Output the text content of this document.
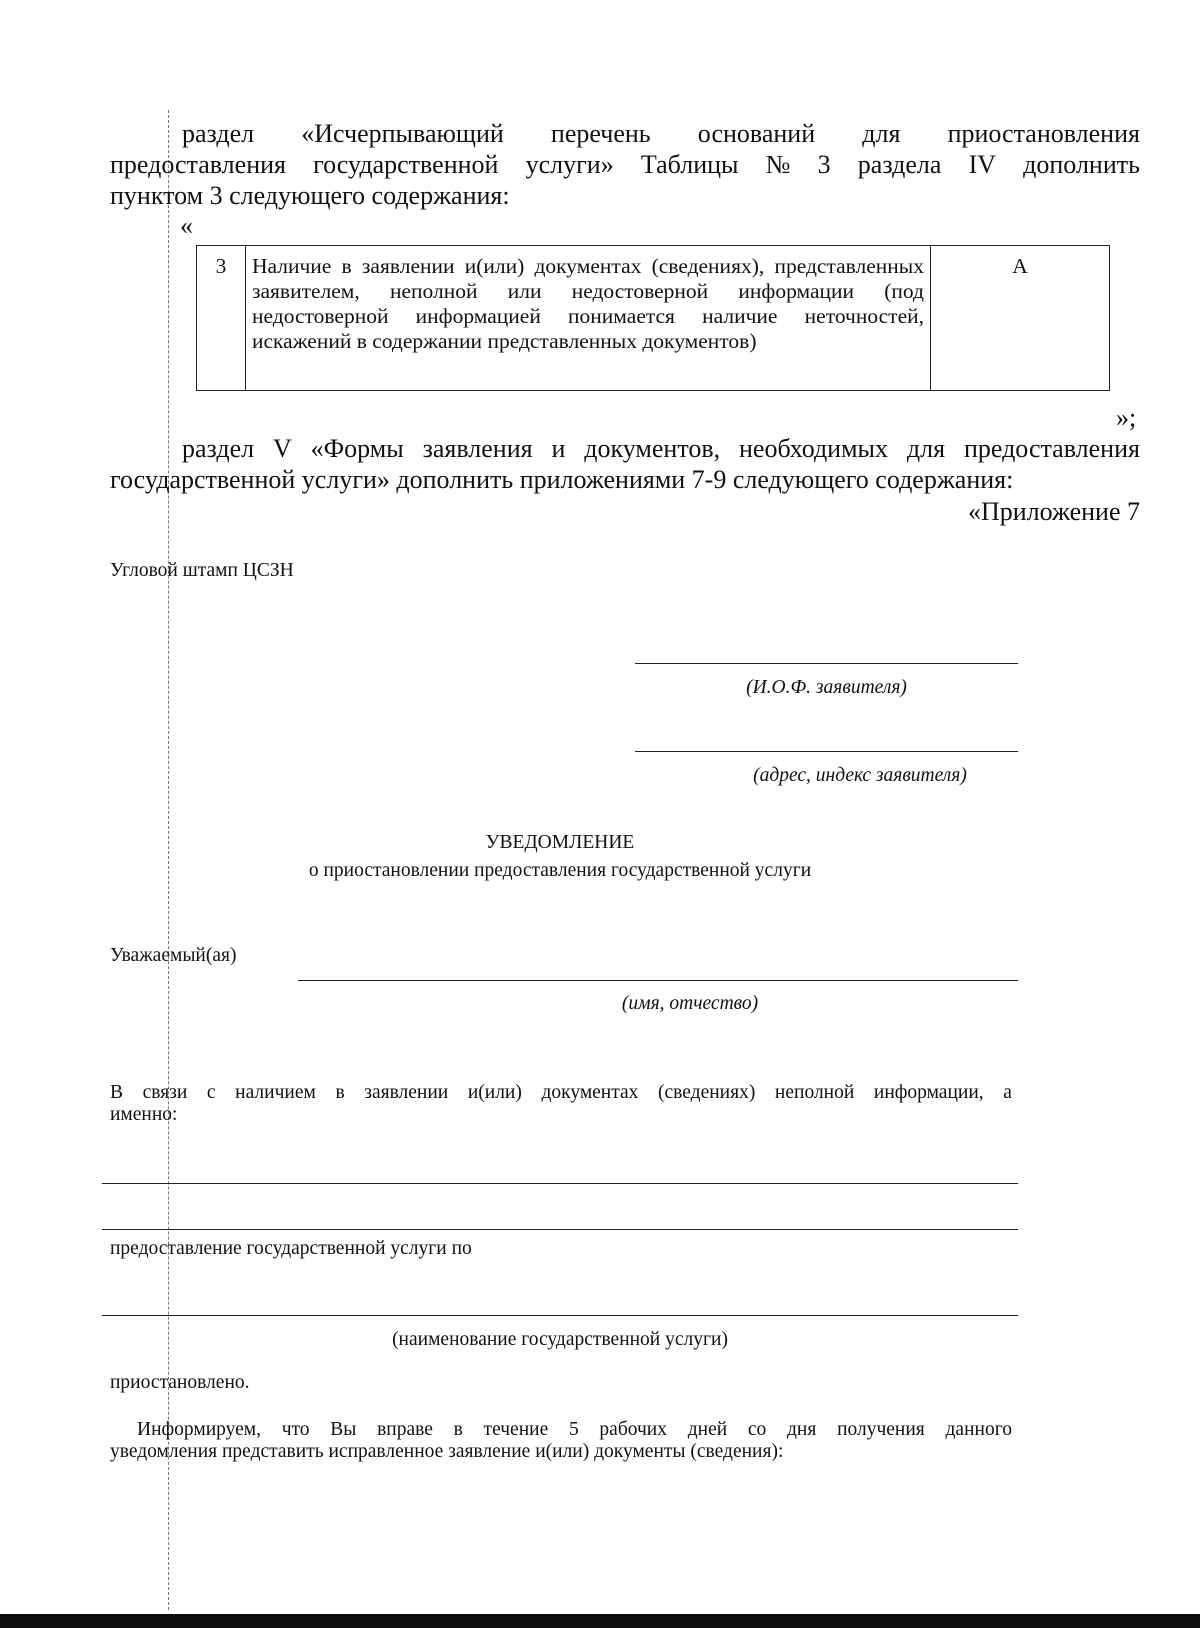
раздел «Исчерпывающий перечень оснований для приостановления
предоставления государственной услуги» Таблицы № 3 раздела IV дополнить
пунктом 3 следующего содержания:
«
3	Наличие в заявлении и(или) документах (сведениях), представленных заявителем, неполной или недостоверной информации (под недостоверной информацией понимается наличие неточностей, искажений в содержании представленных документов)	А
»;
раздел V «Формы заявления и документов, необходимых для предоставления
государственной услуги» дополнить приложениями 7-9 следующего содержания:
«Приложение 7
Угловой штамп ЦСЗН
(И.О.Ф. заявителя)
(адрес, индекс заявителя)
УВЕДОМЛЕНИЕ
о приостановлении предоставления государственной услуги
Уважаемый(ая)
(имя, отчество)
В связи с наличием в заявлении и(или) документах (сведениях) неполной информации, а
именно:
предоставление государственной услуги по
(наименование государственной услуги)
приостановлено.
Информируем, что Вы вправе в течение 5 рабочих дней со дня получения данного
уведомления представить исправленное заявление и(или) документы (сведения):
